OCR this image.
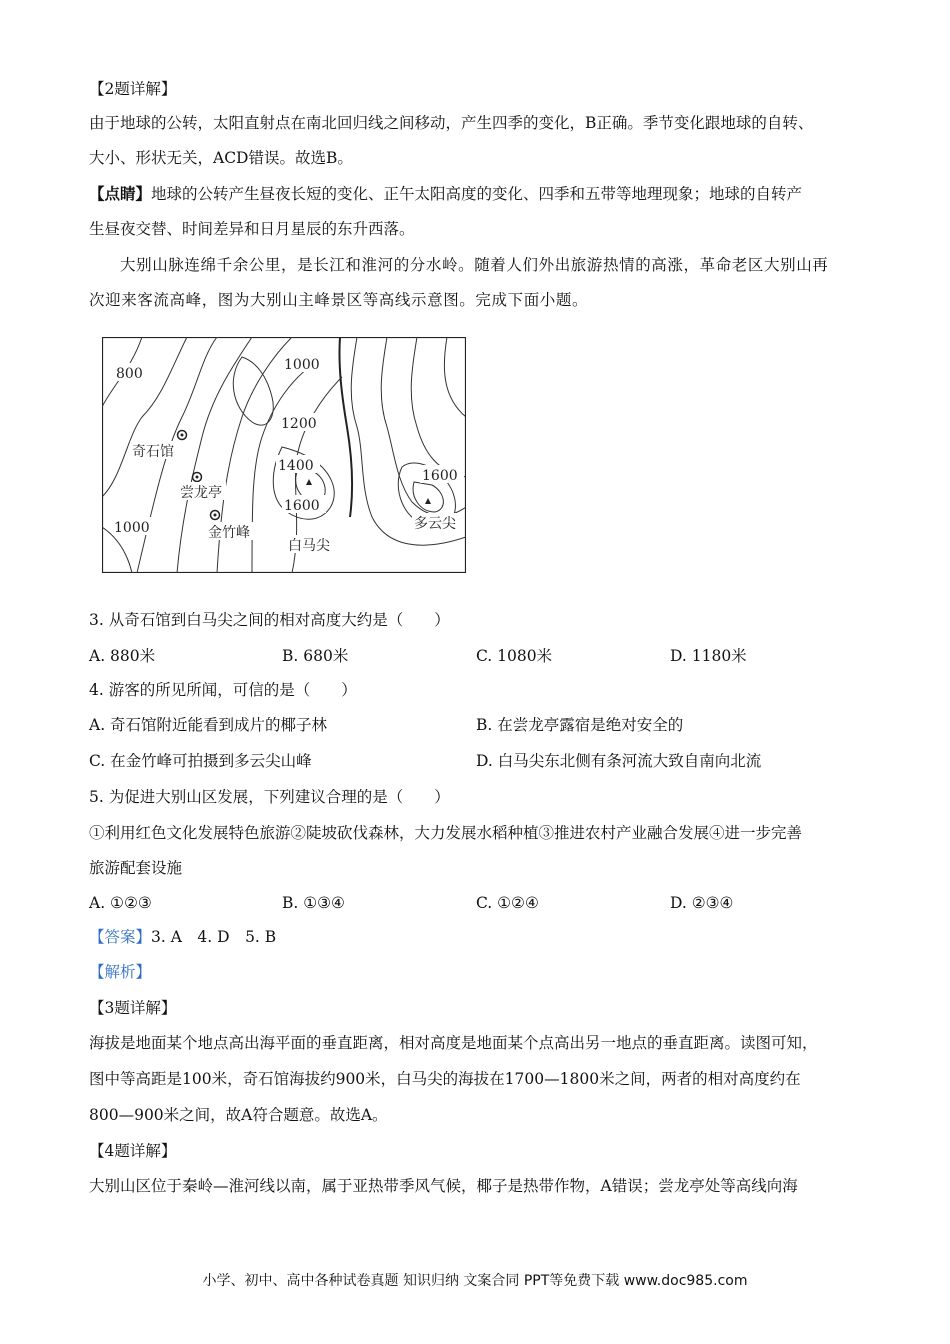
【2题详解】
由于地球的公转，太阳直射点在南北回归线之间移动，产生四季的变化，B正确。季节变化跟地球的自转、
大小、形状无关，ACD错误。故选B。
【点睛】地球的公转产生昼夜长短的变化、正午太阳高度的变化、四季和五带等地理现象；地球的自转产
生昼夜交替、时间差异和日月星辰的东升西落。
大别山脉连绵千余公里，是长江和淮河的分水岭。随着人们外出旅游热情的高涨，革命老区大别山再
次迎来客流高峰，图为大别山主峰景区等高线示意图。完成下面小题。
800
1000
1200
1400
1600
1600
1000
奇石馆
尝龙亭
金竹峰
白马尖
多云尖
3. 从奇石馆到白马尖之间的相对高度大约是（　　）
A. 880米	B. 680米	C. 1080米	D. 1180米
4. 游客的所见所闻，可信的是（　　）
A. 奇石馆附近能看到成片的椰子林	B. 在尝龙亭露宿是绝对安全的
C. 在金竹峰可拍摄到多云尖山峰	D. 白马尖东北侧有条河流大致自南向北流
5. 为促进大别山区发展，下列建议合理的是（　　）
①利用红色文化发展特色旅游②陡坡砍伐森林，大力发展水稻种植③推进农村产业融合发展④进一步完善
旅游配套设施
A. ①②③	B. ①③④	C. ①②④	D. ②③④
【答案】3. A　4. D　5. B
【解析】
【3题详解】
海拔是地面某个地点高出海平面的垂直距离，相对高度是地面某个点高出另一地点的垂直距离。读图可知，
图中等高距是100米，奇石馆海拔约900米，白马尖的海拔在1700—1800米之间，两者的相对高度约在
800—900米之间，故A符合题意。故选A。
【4题详解】
大别山区位于秦岭—淮河线以南，属于亚热带季风气候，椰子是热带作物，A错误；尝龙亭处等高线向海
小学、初中、高中各种试卷真题 知识归纳 文案合同 PPT等免费下载 www.doc985.com
